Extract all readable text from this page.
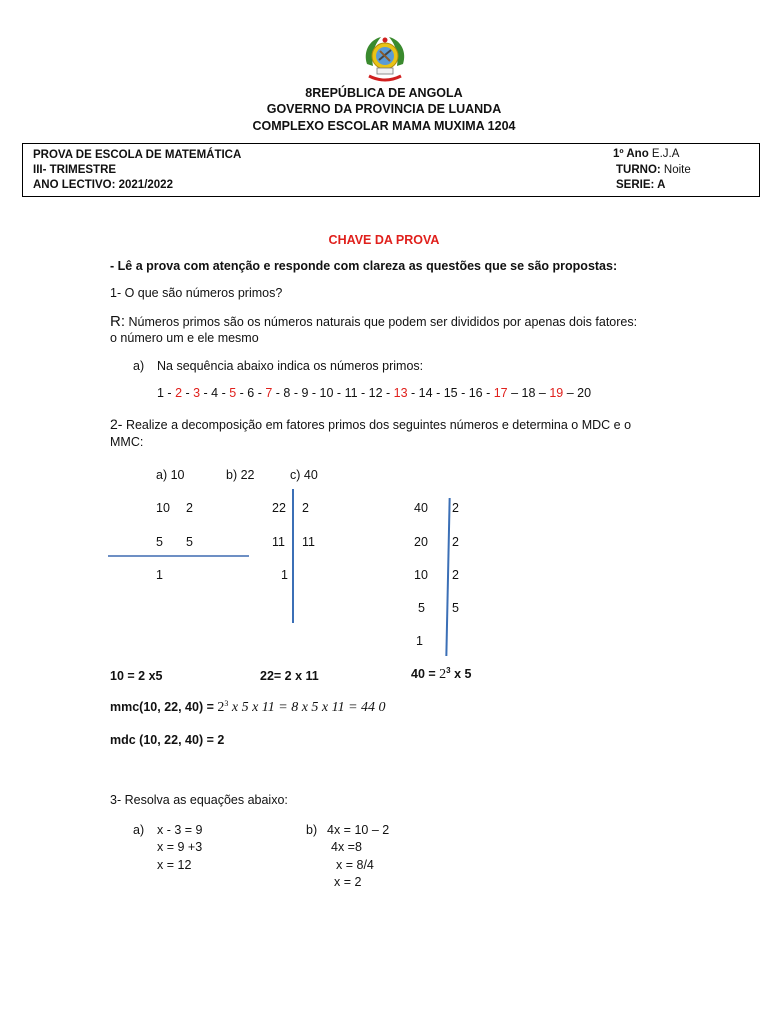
8REPÚBLICA DE ANGOLA
GOVERNO DA PROVINCIA DE LUANDA
COMPLEXO ESCOLAR MAMA MUXIMA 1204
PROVA DE ESCOLA DE MATEMÁTICA
III- TRIMESTRE
ANO LECTIVO: 2021/2022
1º Ano E.J.A
TURNO: Noite
SERIE: A
CHAVE DA PROVA
- Lê a prova com atenção e responde com clareza as questões que se são propostas:
1- O que são números primos?
R: Números primos são os números naturais que podem ser divididos por apenas dois fatores:
o número um e ele mesmo
a) Na sequência abaixo indica os números primos:
1 - 2 - 3 - 4 - 5 - 6 - 7 - 8 - 9 - 10 - 11 - 12 - 13 - 14 - 15 - 16 - 17 – 18 – 19 – 20
2- Realize a decomposição em fatores primos dos seguintes números e determina o MDC e o
MMC:
a) 10	b) 22	c) 40
10 2
5 5
1
22 2
11 11
1
40 2
20 2
10 2
5 5
1
10 = 2 x5	22= 2 x 11	$40 = 2^3$ x 5
mmc(10, 22, $40) = 2^3$ x 5 x 11 = 8 x 5 x 11 = 44 0
mdc (10, 22, 40) = 2
3- Resolva as equações abaixo:
a) x - 3 = 9
x = 9 +3
x = 12
b) 4x = 10 – 2
4x =8
x = 8/4
x = 2
